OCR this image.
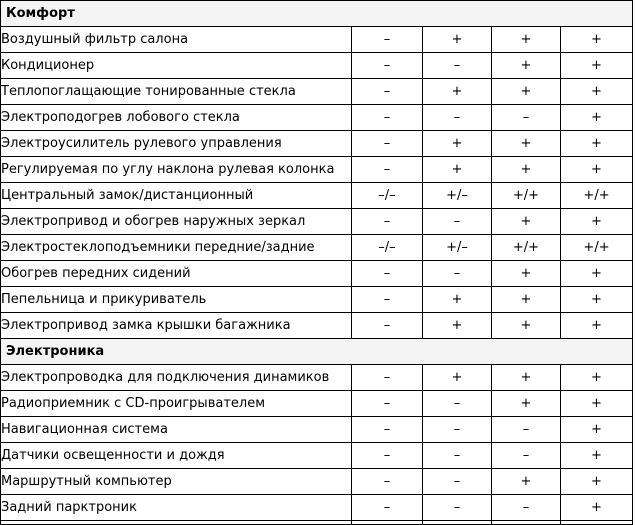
Комфорт				
Воздушный фильтр салона	–	+	+	+
Кондиционер	–	–	+	+
Теплопоглащающие тонированные стекла	–	+	+	+
Электроподогрев лобового стекла	–	–	–	+
Электроусилитель рулевого управления	–	+	+	+
Регулируемая по углу наклона рулевая колонка	–	+	+	+
Центральный замок/дистанционный	–/–	+/–	+/+	+/+
Электропривод и обогрев наружных зеркал	–	–	+	+
Электростеклоподъемники передние/задние	–/–	+/–	+/+	+/+
Обогрев передних сидений	–	–	+	+
Пепельница и прикуриватель	–	+	+	+
Электропривод замка крышки багажника	–	+	+	+
Электроника				
Электропроводка для подключения динамиков	–	+	+	+
Радиоприемник с CD-проигрывателем	–	–	+	+
Навигационная система	–	–	–	+
Датчики освещенности и дождя	–	–	–	+
Маршрутный компьютер	–	–	+	+
Задний парктроник	–	–	–	+
